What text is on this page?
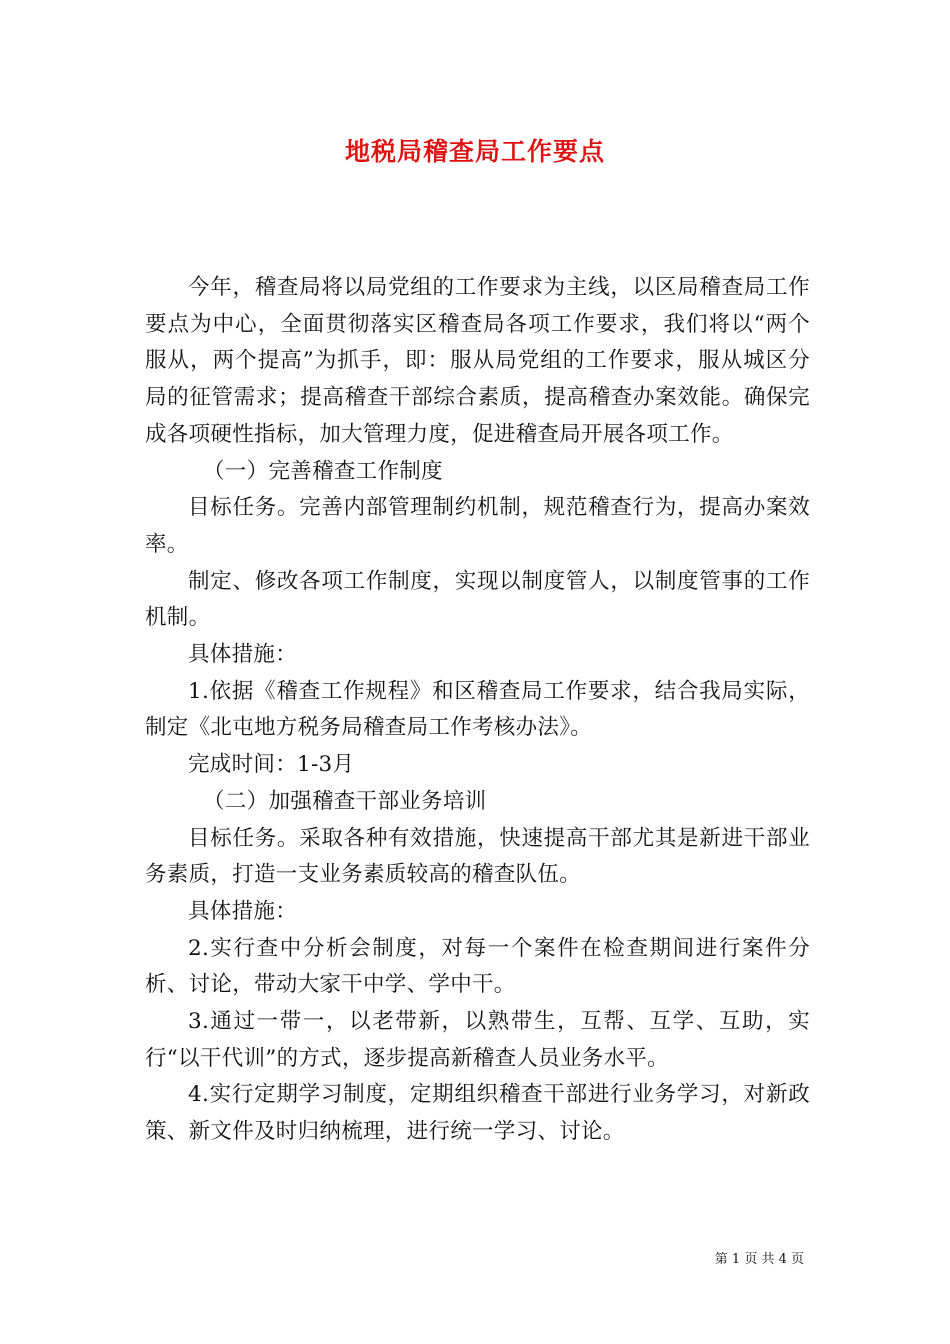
地税局稽查局工作要点

今年，稽查局将以局党组的工作要求为主线，以区局稽查局工作要点为中心，全面贯彻落实区稽查局各项工作要求，我们将以“两个服从，两个提高”为抓手，即：服从局党组的工作要求，服从城区分局的征管需求；提高稽查干部综合素质，提高稽查办案效能。确保完成各项硬性指标，加大管理力度，促进稽查局开展各项工作。

（一）完善稽查工作制度

目标任务。完善内部管理制约机制，规范稽查行为，提高办案效率。

制定、修改各项工作制度，实现以制度管人，以制度管事的工作机制。

具体措施：

1.依据《稽查工作规程》和区稽查局工作要求，结合我局实际，制定《北屯地方税务局稽查局工作考核办法》。

完成时间：1-3月

（二）加强稽查干部业务培训

目标任务。采取各种有效措施，快速提高干部尤其是新进干部业务素质，打造一支业务素质较高的稽查队伍。

具体措施：

2.实行查中分析会制度，对每一个案件在检查期间进行案件分析、讨论，带动大家干中学、学中干。

3.通过一带一，以老带新，以熟带生，互帮、互学、互助，实行“以干代训”的方式，逐步提高新稽查人员业务水平。

4.实行定期学习制度，定期组织稽查干部进行业务学习，对新政策、新文件及时归纳梳理，进行统一学习、讨论。

第 1 页 共 4 页
